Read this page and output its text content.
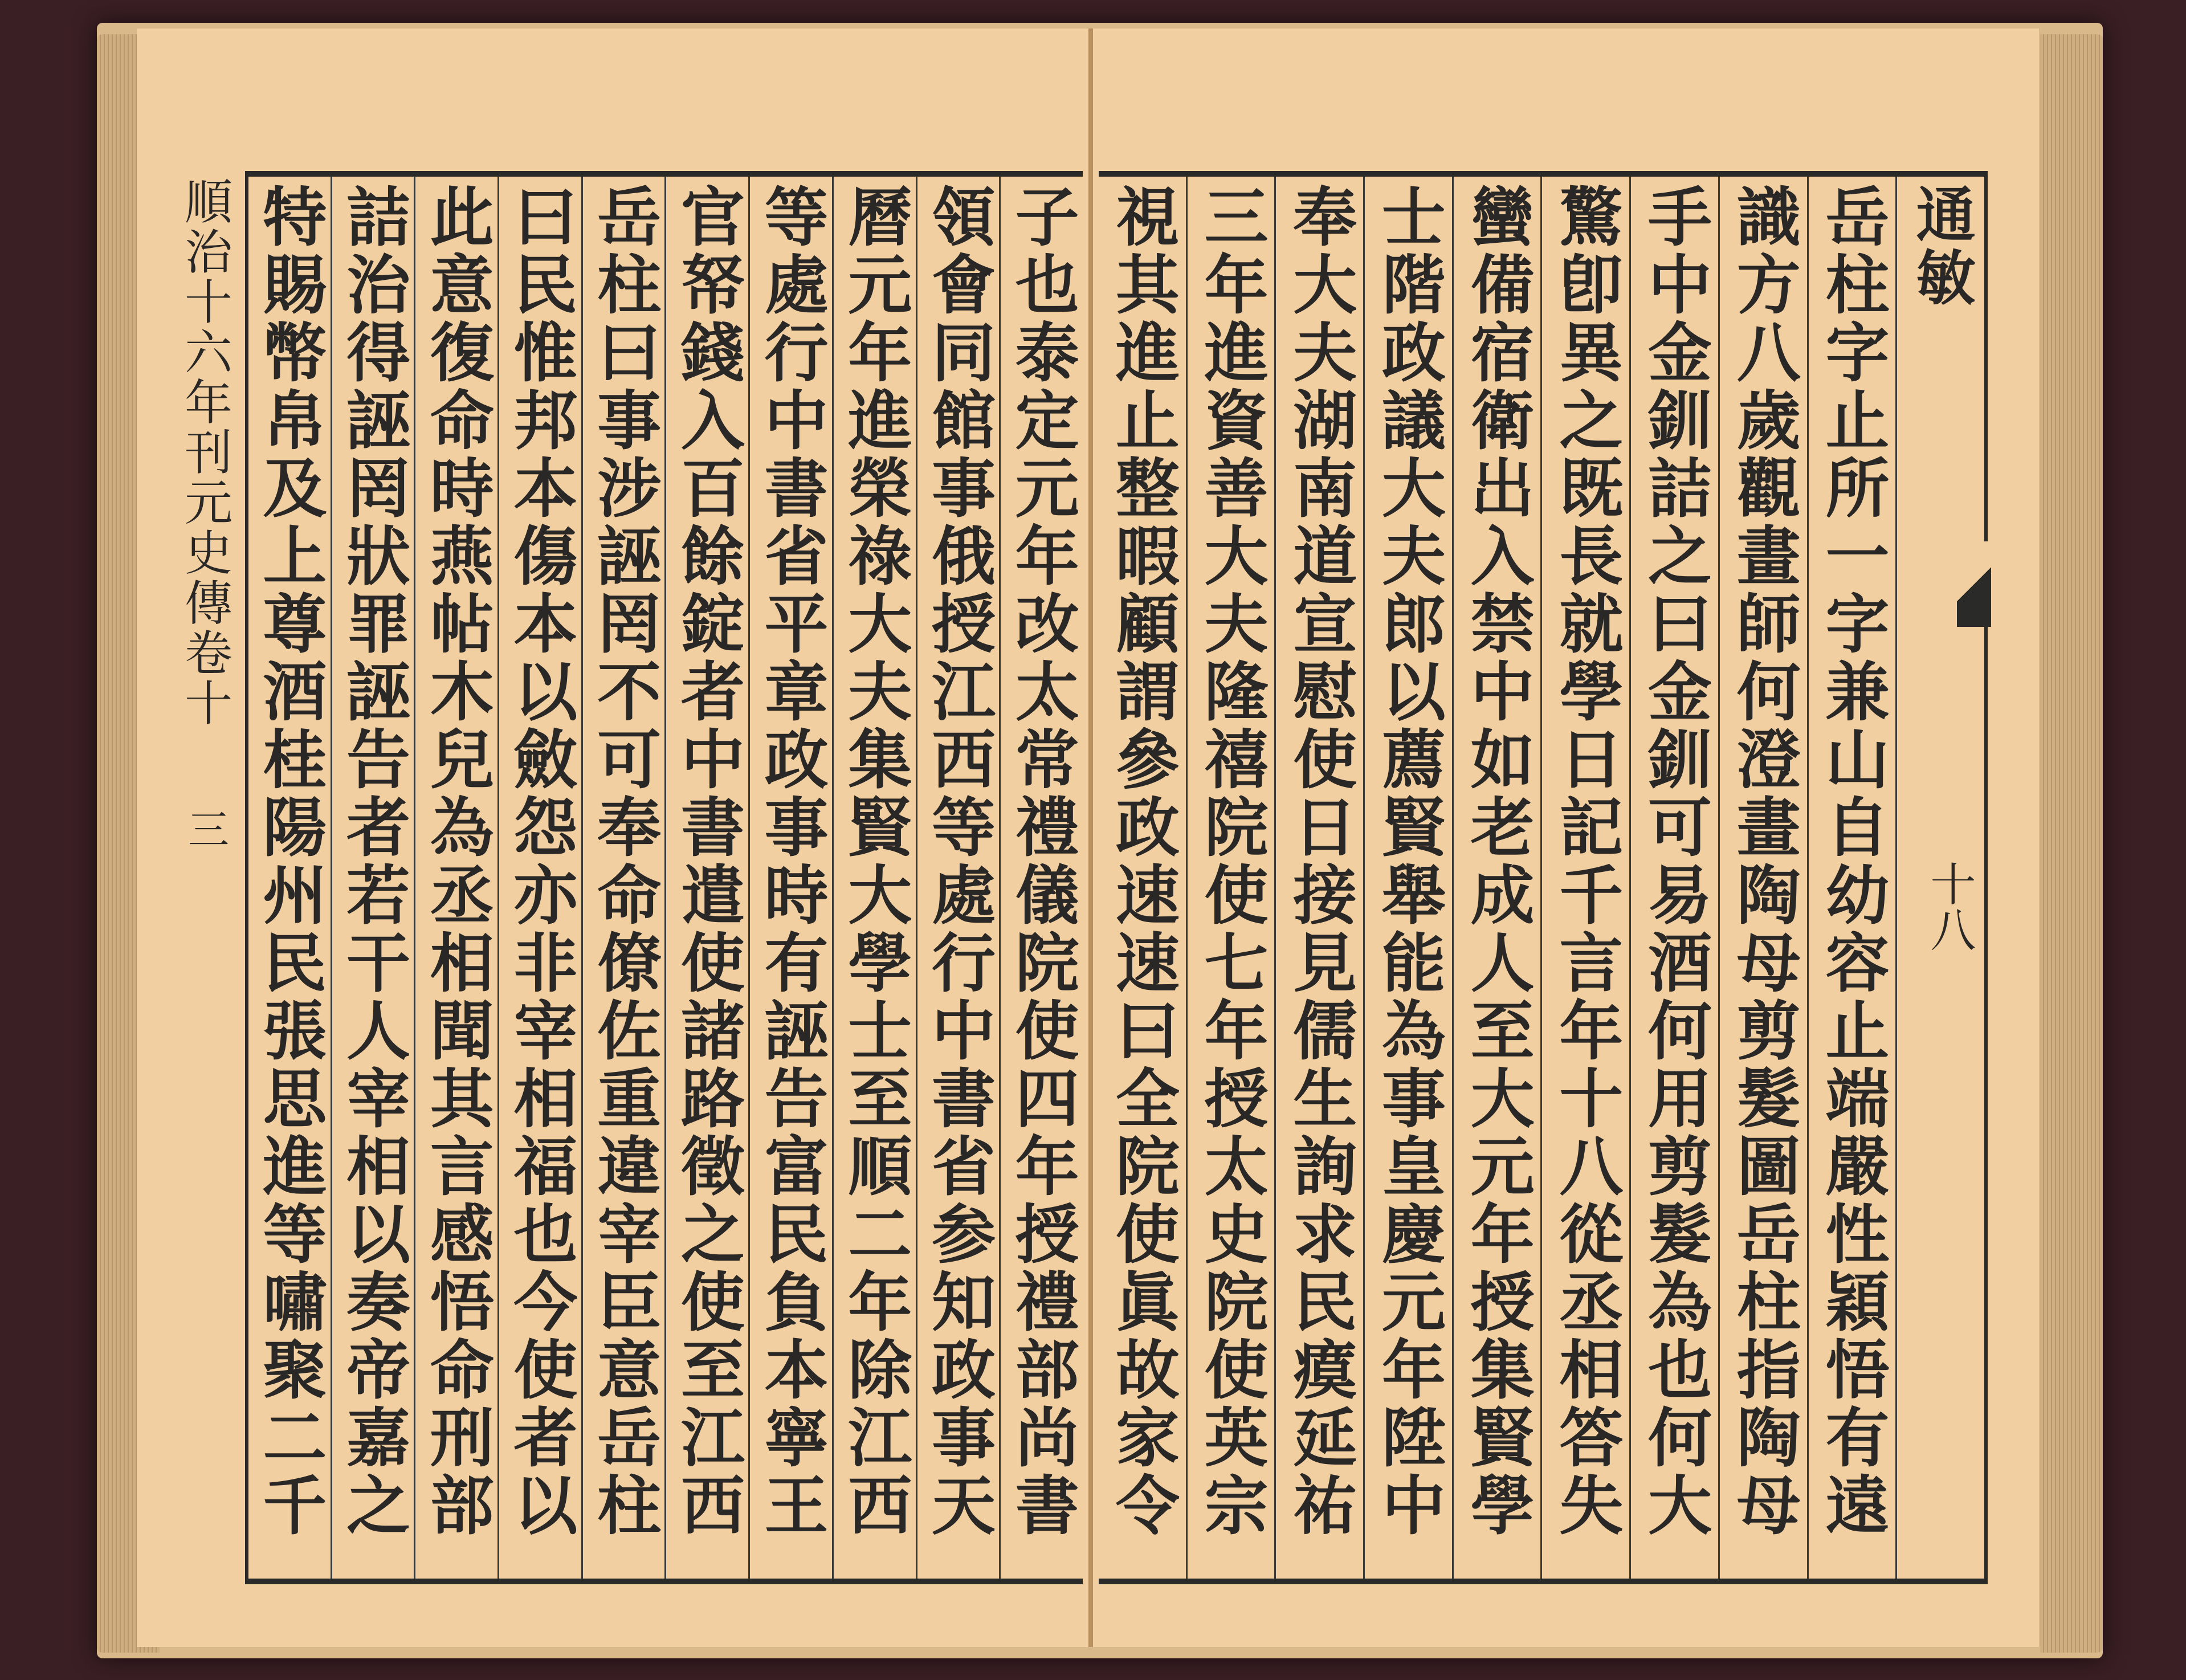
順治十六年刊
元史傳卷十
三	子也泰定元年改太常禮儀院使四年授禮部尚書
領會同館事俄授江西等處行中書省参知政事天
曆元年進榮祿大夫集賢大學士至順二年除江西
等處行中書省平章政事時有誣告富民負本寧王
官帑錢入百餘錠者中書遣使諸路徵之使至江西
岳柱曰事涉誣罔不可奉命僚佐重違宰臣意岳柱
曰民惟邦本傷本以斂怨亦非宰相福也今使者以
此意復命時燕帖木兒為丞相聞其言感悟命刑部
詰治得誣罔狀罪誣告者若干人宰相以奏帝嘉之
特賜幣帛及上尊酒桂陽州民張思進等嘯聚二千	通敏
岳柱字止所一字兼山自幼容止端嚴性穎悟有遠
識方八歲觀畫師何澄畫陶母剪髮圖岳柱指陶母
手中金釧詰之曰金釧可易酒何用剪髮為也何大
驚卽異之既長就學日記千言年十八從丞相答失
蠻備宿衛出入禁中如老成人至大元年授集賢學
士階政議大夫郎以薦賢舉能為事皇慶元年陞中
奉大夫湖南道宣慰使日接見儒生詢求民瘼延祐
三年進資善大夫隆禧院使七年授太史院使英宗
視其進止整暇顧謂參政速速曰全院使眞故家令	十八
